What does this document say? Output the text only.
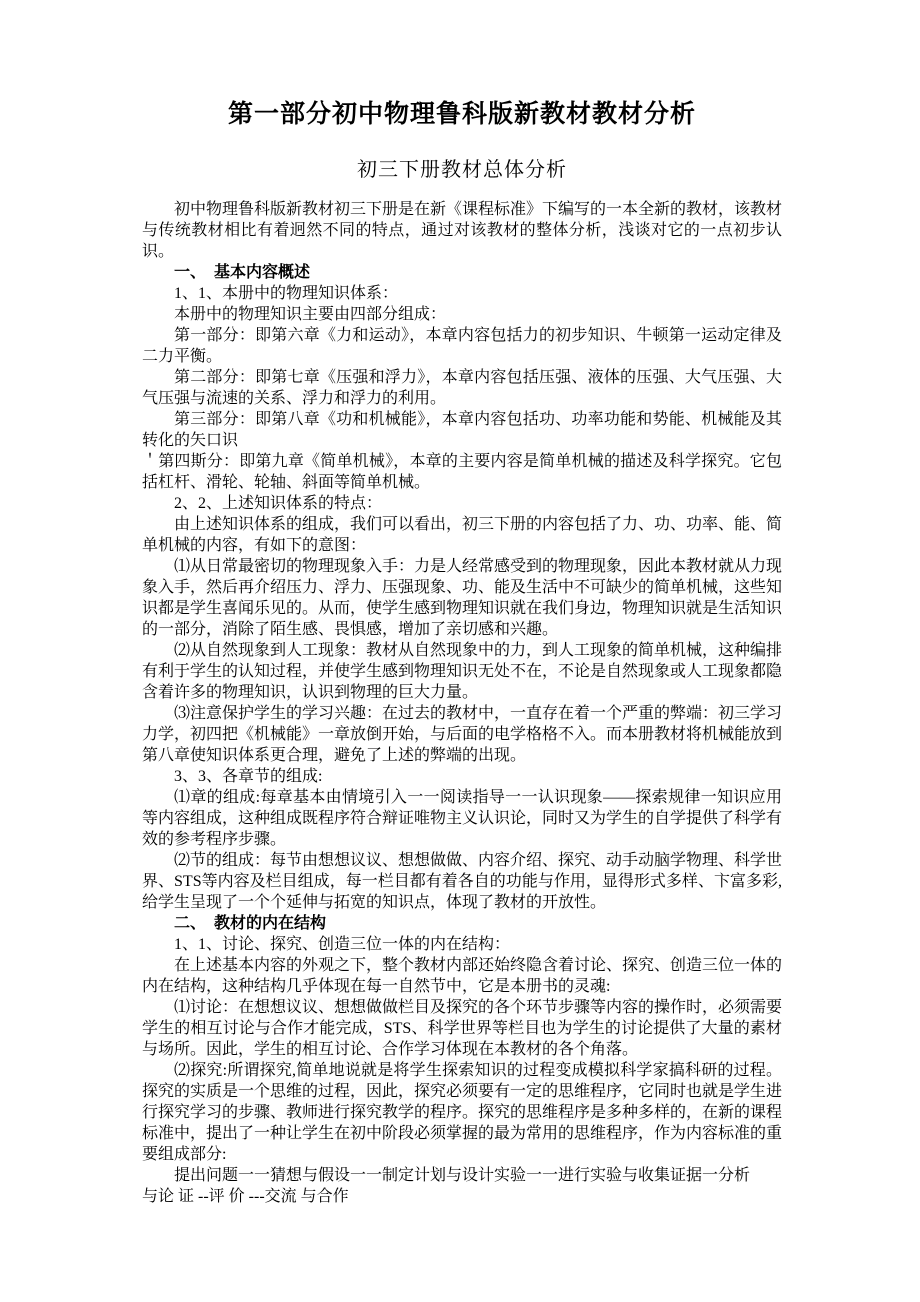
第一部分初中物理鲁科版新教材教材分析
初三下册教材总体分析

初中物理鲁科版新教材初三下册是在新《课程标准》下编写的一本全新的教材，该教材与传统教材相比有着迥然不同的特点，通过对该教材的整体分析，浅谈对它的一点初步认识。

一、　基本内容概述

1、1、本册中的物理知识体系：

本册中的物理知识主要由四部分组成：

第一部分：即第六章《力和运动》，本章内容包括力的初步知识、牛顿第一运动定律及二力平衡。

第二部分：即第七章《压强和浮力》，本章内容包括压强、液体的压强、大气压强、大气压强与流速的关系、浮力和浮力的利用。

第三部分：即第八章《功和机械能》，本章内容包括功、功率功能和势能、机械能及其转化的矢口识

＇第四斯分：即第九章《简单机械》，本章的主要内容是简单机械的描述及科学探究。它包括杠杆、滑轮、轮轴、斜面等简单机械。

2、2、上述知识体系的特点：

由上述知识体系的组成，我们可以看出，初三下册的内容包括了力、功、功率、能、简单机械的内容，有如下的意图：

⑴从日常最密切的物理现象入手：力是人经常感受到的物理现象，因此本教材就从力现象入手，然后再介绍压力、浮力、压强现象、功、能及生活中不可缺少的简单机械，这些知识都是学生喜闻乐见的。从而，使学生感到物理知识就在我们身边，物理知识就是生活知识的一部分，消除了陌生感、畏惧感，增加了亲切感和兴趣。

⑵从自然现象到人工现象：教材从自然现象中的力，到人工现象的简单机械，这种编排有利于学生的认知过程，并使学生感到物理知识无处不在，不论是自然现象或人工现象都隐含着许多的物理知识，认识到物理的巨大力量。

⑶注意保护学生的学习兴趣：在过去的教材中，一直存在着一个严重的弊端：初三学习力学，初四把《机械能》一章放倒开始，与后面的电学格格不入。而本册教材将机械能放到第八章使知识体系更合理，避免了上述的弊端的出现。

3、3、各章节的组成:

⑴章的组成:每章基本由情境引入一一阅读指导一一认识现象——探索规律一知识应用等内容组成，这种组成既程序符合辩证唯物主义认识论，同时又为学生的自学提供了科学有效的参考程序步骤。

⑵节的组成：每节由想想议议、想想做做、内容介绍、探究、动手动脑学物理、科学世界、STS等内容及栏目组成，每一栏目都有着各自的功能与作用，显得形式多样、卞富多彩,给学生呈现了一个个延伸与拓宽的知识点，体现了教材的开放性。

二、　教材的内在结构

1、1、讨论、探究、创造三位一体的内在结构：

在上述基本内容的外观之下，整个教材内部还始终隐含着讨论、探究、创造三位一体的内在结构，这种结构几乎体现在每一自然节中，它是本册书的灵魂:

⑴讨论：在想想议议、想想做做栏目及探究的各个环节步骤等内容的操作时，必须需要学生的相互讨论与合作才能完成，STS、科学世界等栏目也为学生的讨论提供了大量的素材与场所。因此，学生的相互讨论、合作学习体现在本教材的各个角落。

⑵探究:所谓探究,简单地说就是将学生探索知识的过程变成模拟科学家搞科研的过程。探究的实质是一个思维的过程，因此，探究必须要有一定的思维程序，它同时也就是学生进行探究学习的步骤、教师进行探究教学的程序。探究的思维程序是多种多样的，在新的课程标准中，提出了一种让学生在初中阶段必须掌握的最为常用的思维程序，作为内容标准的重要组成部分:

提出问题一一猜想与假设一一制定计划与设计实验一一进行实验与收集证据一分析

与论 证 --评 价 ---交流 与合作
